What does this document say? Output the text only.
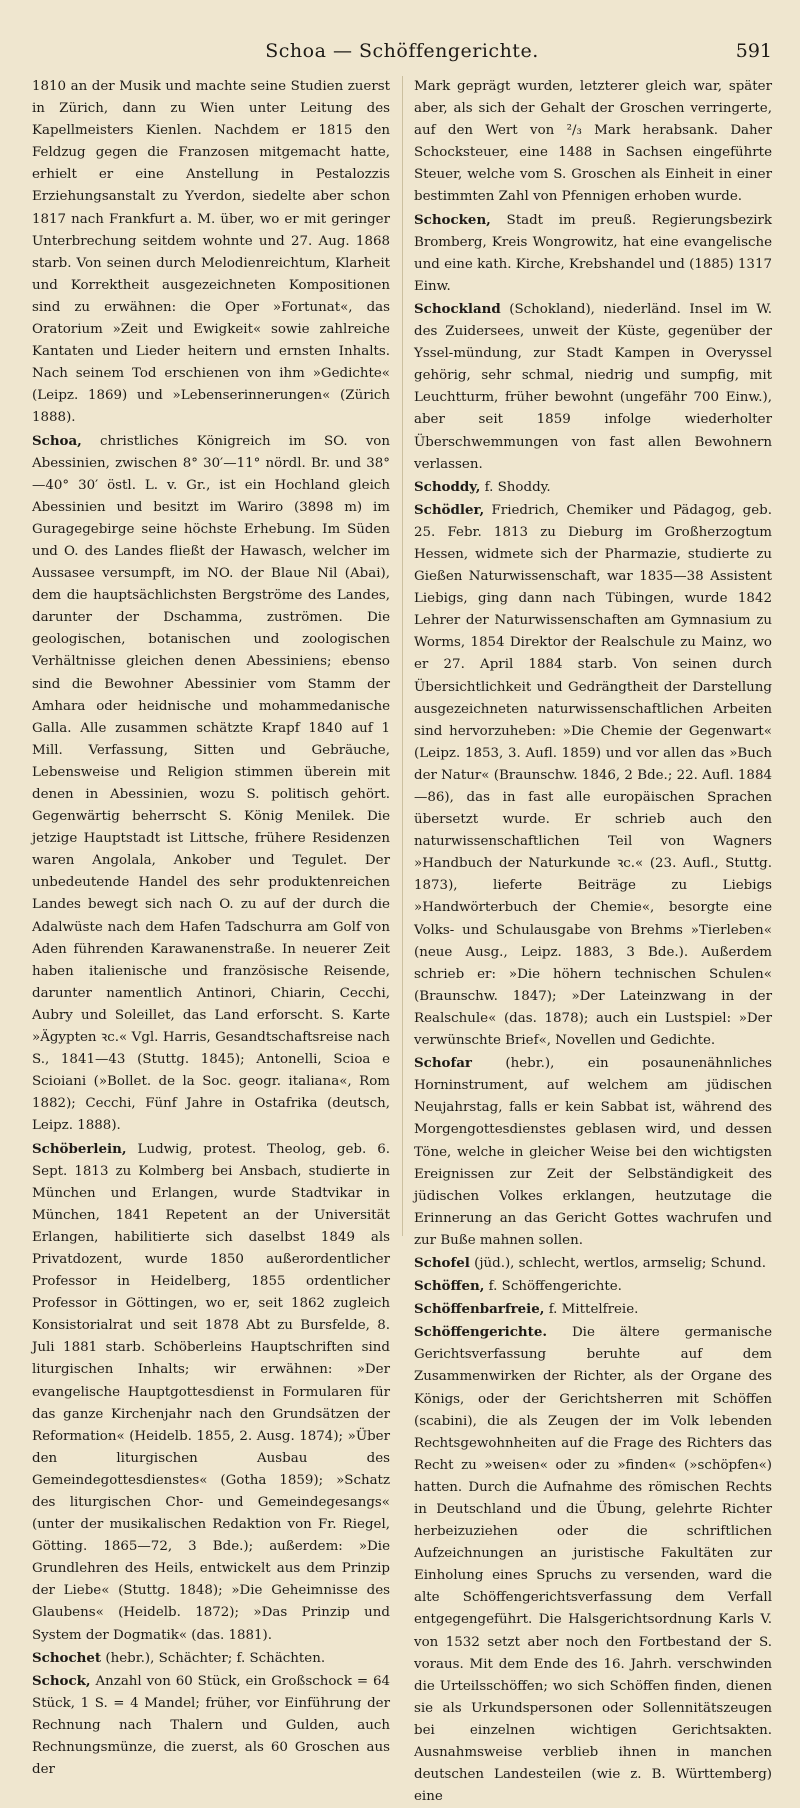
Schoa — Schöffengerichte.	591

1810 an der Musik und machte seine Studien zuerst in Zürich, dann zu Wien unter Leitung des Kapellmeisters Kienlen. Nachdem er 1815 den Feldzug gegen die Franzosen mitgemacht hatte, erhielt er eine Anstellung in Pestalozzis Erziehungsanstalt zu Yverdon, siedelte aber schon 1817 nach Frankfurt a. M. über, wo er mit geringer Unterbrechung seitdem wohnte und 27. Aug. 1868 starb. Von seinen durch Melodienreichtum, Klarheit und Korrektheit ausgezeichneten Kompositionen sind zu erwähnen: die Oper »Fortunat«, das Oratorium »Zeit und Ewigkeit« sowie zahlreiche Kantaten und Lieder heitern und ernsten Inhalts. Nach seinem Tod erschienen von ihm »Gedichte« (Leipz. 1869) und »Lebenserinnerungen« (Zürich 1888).

Schoa, christliches Königreich im SO. von Abessinien, zwischen 8° 30′—11° nördl. Br. und 38°—40° 30′ östl. L. v. Gr., ist ein Hochland gleich Abessinien und besitzt im Wariro (3898 m) im Guragegebirge seine höchste Erhebung. Im Süden und O. des Landes fließt der Hawasch, welcher im Aussasee versumpft, im NO. der Blaue Nil (Abai), dem die hauptsächlichsten Bergströme des Landes, darunter der Dschamma, zuströmen. Die geologischen, botanischen und zoologischen Verhältnisse gleichen denen Abessiniens; ebenso sind die Bewohner Abessinier vom Stamm der Amhara oder heidnische und mohammedanische Galla. Alle zusammen schätzte Krapf 1840 auf 1 Mill. Verfassung, Sitten und Gebräuche, Lebensweise und Religion stimmen überein mit denen in Abessinien, wozu S. politisch gehört. Gegenwärtig beherrscht S. König Menilek. Die jetzige Hauptstadt ist Littsche, frühere Residenzen waren Angolala, Ankober und Tegulet. Der unbedeutende Handel des sehr produktenreichen Landes bewegt sich nach O. zu auf der durch die Adalwüste nach dem Hafen Tadschurra am Golf von Aden führenden Karawanenstraße. In neuerer Zeit haben italienische und französische Reisende, darunter namentlich Antinori, Chiarin, Cecchi, Aubry und Soleillet, das Land erforscht. S. Karte »Ägypten ꝛc.« Vgl. Harris, Gesandtschaftsreise nach S., 1841—43 (Stuttg. 1845); Antonelli, Scioa e Scioiani (»Bollet. de la Soc. geogr. italiana«, Rom 1882); Cecchi, Fünf Jahre in Ostafrika (deutsch, Leipz. 1888).

Schöberlein, Ludwig, protest. Theolog, geb. 6. Sept. 1813 zu Kolmberg bei Ansbach, studierte in München und Erlangen, wurde Stadtvikar in München, 1841 Repetent an der Universität Erlangen, habilitierte sich daselbst 1849 als Privatdozent, wurde 1850 außerordentlicher Professor in Heidelberg, 1855 ordentlicher Professor in Göttingen, wo er, seit 1862 zugleich Konsistorialrat und seit 1878 Abt zu Bursfelde, 8. Juli 1881 starb. Schöberleins Hauptschriften sind liturgischen Inhalts; wir erwähnen: »Der evangelische Hauptgottesdienst in Formularen für das ganze Kirchenjahr nach den Grundsätzen der Reformation« (Heidelb. 1855, 2. Ausg. 1874); »Über den liturgischen Ausbau des Gemeindegottesdienstes« (Gotha 1859); »Schatz des liturgischen Chor- und Gemeindegesangs« (unter der musikalischen Redaktion von Fr. Riegel, Götting. 1865—72, 3 Bde.); außerdem: »Die Grundlehren des Heils, entwickelt aus dem Prinzip der Liebe« (Stuttg. 1848); »Die Geheimnisse des Glaubens« (Heidelb. 1872); »Das Prinzip und System der Dogmatik« (das. 1881).

Schochet (hebr.), Schächter; f. Schächten.

Schock, Anzahl von 60 Stück, ein Großschock = 64 Stück, 1 S. = 4 Mandel; früher, vor Einführung der Rechnung nach Thalern und Gulden, auch Rechnungsmünze, die zuerst, als 60 Groschen aus der

Mark geprägt wurden, letzterer gleich war, später aber, als sich der Gehalt der Groschen verringerte, auf den Wert von ²/₃ Mark herabsank. Daher Schocksteuer, eine 1488 in Sachsen eingeführte Steuer, welche vom S. Groschen als Einheit in einer bestimmten Zahl von Pfennigen erhoben wurde.

Schocken, Stadt im preuß. Regierungsbezirk Bromberg, Kreis Wongrowitz, hat eine evangelische und eine kath. Kirche, Krebshandel und (1885) 1317 Einw.

Schockland (Schokland), niederländ. Insel im W. des Zuidersees, unweit der Küste, gegenüber der Yssel-mündung, zur Stadt Kampen in Overyssel gehörig, sehr schmal, niedrig und sumpfig, mit Leuchtturm, früher bewohnt (ungefähr 700 Einw.), aber seit 1859 infolge wiederholter Überschwemmungen von fast allen Bewohnern verlassen.

Schoddy, f. Shoddy.

Schödler, Friedrich, Chemiker und Pädagog, geb. 25. Febr. 1813 zu Dieburg im Großherzogtum Hessen, widmete sich der Pharmazie, studierte zu Gießen Naturwissenschaft, war 1835—38 Assistent Liebigs, ging dann nach Tübingen, wurde 1842 Lehrer der Naturwissenschaften am Gymnasium zu Worms, 1854 Direktor der Realschule zu Mainz, wo er 27. April 1884 starb. Von seinen durch Übersichtlichkeit und Gedrängtheit der Darstellung ausgezeichneten naturwissenschaftlichen Arbeiten sind hervorzuheben: »Die Chemie der Gegenwart« (Leipz. 1853, 3. Aufl. 1859) und vor allen das »Buch der Natur« (Braunschw. 1846, 2 Bde.; 22. Aufl. 1884—86), das in fast alle europäischen Sprachen übersetzt wurde. Er schrieb auch den naturwissenschaftlichen Teil von Wagners »Handbuch der Naturkunde ꝛc.« (23. Aufl., Stuttg. 1873), lieferte Beiträge zu Liebigs »Handwörterbuch der Chemie«, besorgte eine Volks- und Schulausgabe von Brehms »Tierleben« (neue Ausg., Leipz. 1883, 3 Bde.). Außerdem schrieb er: »Die höhern technischen Schulen« (Braunschw. 1847); »Der Lateinzwang in der Realschule« (das. 1878); auch ein Lustspiel: »Der verwünschte Brief«, Novellen und Gedichte.

Schofar (hebr.), ein posaunenähnliches Horninstrument, auf welchem am jüdischen Neujahrstag, falls er kein Sabbat ist, während des Morgengottesdienstes geblasen wird, und dessen Töne, welche in gleicher Weise bei den wichtigsten Ereignissen zur Zeit der Selbständigkeit des jüdischen Volkes erklangen, heutzutage die Erinnerung an das Gericht Gottes wachrufen und zur Buße mahnen sollen.

Schofel (jüd.), schlecht, wertlos, armselig; Schund.

Schöffen, f. Schöffengerichte.

Schöffenbarfreie, f. Mittelfreie.

Schöffengerichte. Die ältere germanische Gerichtsverfassung beruhte auf dem Zusammenwirken der Richter, als der Organe des Königs, oder der Gerichtsherren mit Schöffen (scabini), die als Zeugen der im Volk lebenden Rechtsgewohnheiten auf die Frage des Richters das Recht zu »weisen« oder zu »finden« (»schöpfen«) hatten. Durch die Aufnahme des römischen Rechts in Deutschland und die Übung, gelehrte Richter herbeizuziehen oder die schriftlichen Aufzeichnungen an juristische Fakultäten zur Einholung eines Spruchs zu versenden, ward die alte Schöffengerichtsverfassung dem Verfall entgegengeführt. Die Halsgerichtsordnung Karls V. von 1532 setzt aber noch den Fortbestand der S. voraus. Mit dem Ende des 16. Jahrh. verschwinden die Urteilsschöffen; wo sich Schöffen finden, dienen sie als Urkundspersonen oder Sollennitätszeugen bei einzelnen wichtigen Gerichtsakten. Ausnahmsweise verblieb ihnen in manchen deutschen Landesteilen (wie z. B. Württemberg) eine
